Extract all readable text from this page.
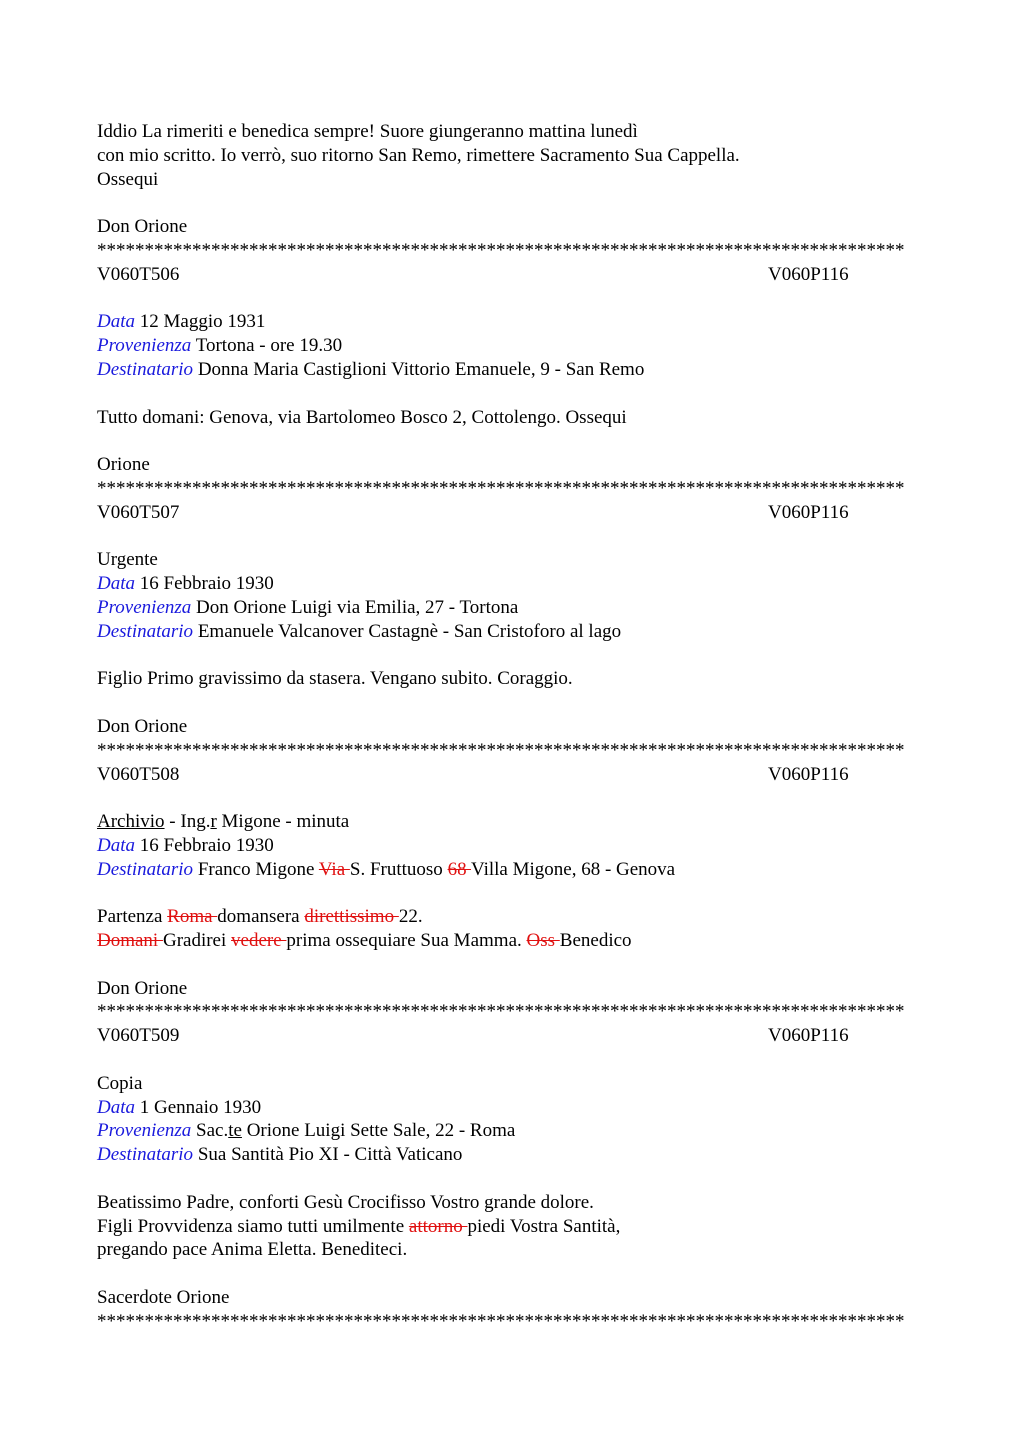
Iddio La rimeriti e benedica sempre! Suore giungeranno mattina lunedì
con mio scritto. Io verrò, suo ritorno San Remo, rimettere Sacramento Sua Cappella.
Ossequi
Don Orione
*************************************************************************************
V060T506	V060P116
Data 12 Maggio 1931
Provenienza Tortona - ore 19.30
Destinatario Donna Maria Castiglioni Vittorio Emanuele, 9 - San Remo
Tutto domani: Genova, via Bartolomeo Bosco 2, Cottolengo. Ossequi
Orione
*************************************************************************************
V060T507	V060P116
Urgente
Data 16 Febbraio 1930
Provenienza Don Orione Luigi via Emilia, 27 - Tortona
Destinatario Emanuele Valcanover Castagnè - San Cristoforo al lago
Figlio Primo gravissimo da stasera. Vengano subito. Coraggio.
Don Orione
*************************************************************************************
V060T508	V060P116
Archivio - Ing.r Migone - minuta
Data 16 Febbraio 1930
Destinatario Franco Migone Via S. Fruttuoso 68 Villa Migone, 68 - Genova
Partenza Roma domansera direttissimo 22.
Domani Gradirei vedere prima ossequiare Sua Mamma. Oss Benedico
Don Orione
*************************************************************************************
V060T509	V060P116
Copia
Data 1 Gennaio 1930
Provenienza Sac.te Orione Luigi Sette Sale, 22 - Roma
Destinatario Sua Santità Pio XI - Città Vaticano
Beatissimo Padre, conforti Gesù Crocifisso Vostro grande dolore.
Figli Provvidenza siamo tutti umilmente attorno piedi Vostra Santità,
pregando pace Anima Eletta. Benediteci.
Sacerdote Orione
*************************************************************************************
